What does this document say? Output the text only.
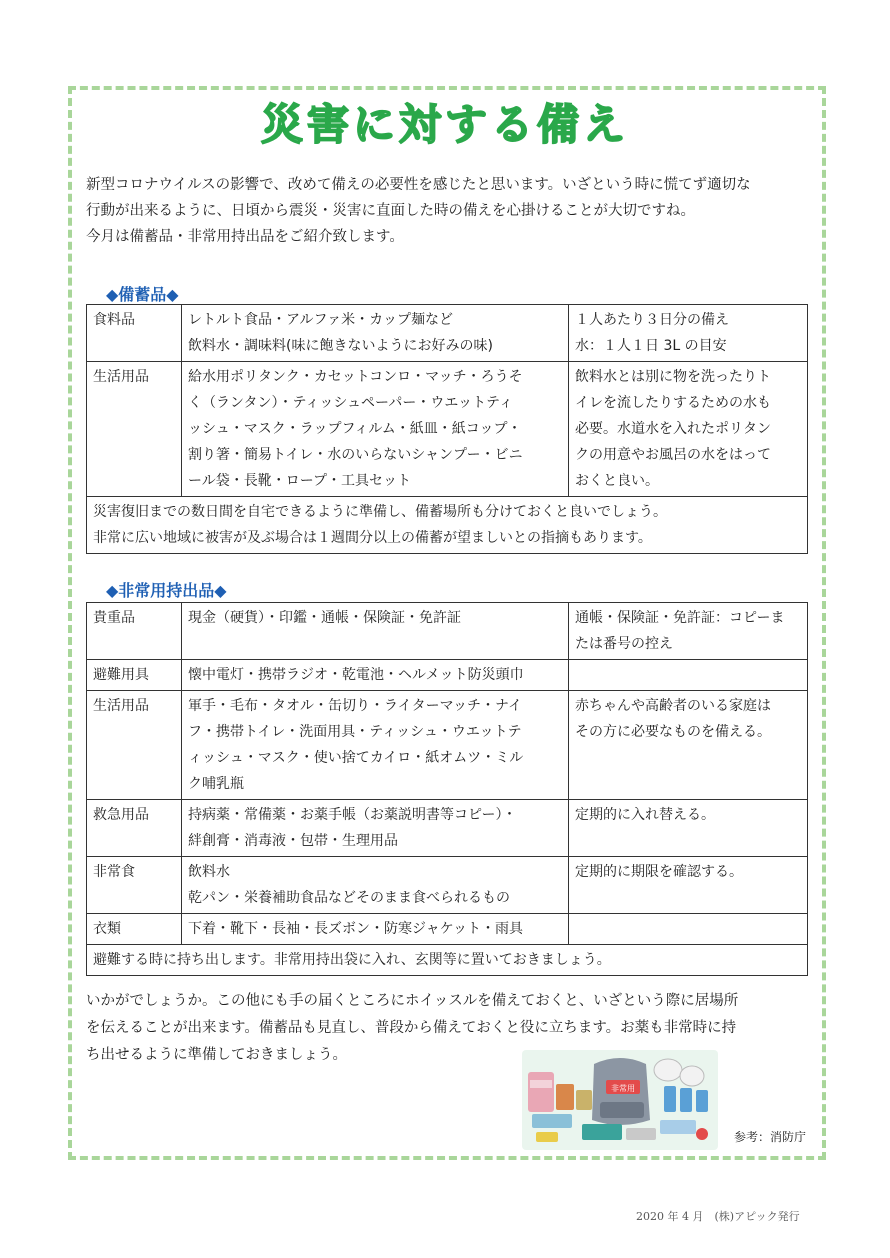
災害に対する備え

新型コロナウイルスの影響で、改めて備えの必要性を感じたと思います。いざという時に慌てず適切な

行動が出来るように、日頃から震災・災害に直面した時の備えを心掛けることが大切ですね。

今月は備蓄品・非常用持出品をご紹介致します。

◆備蓄品◆
食料品	レトルト食品・アルファ米・カップ麺など
飲料水・調味料(味に飽きないようにお好みの味)	１人あたり３日分の備え
水：１人１日 3L の目安

生活用品	給水用ポリタンク・カセットコンロ・マッチ・ろうそ
く（ランタン）・ティッシュペーパー・ウエットティ
ッシュ・マスク・ラップフィルム・紙皿・紙コップ・
割り箸・簡易トイレ・水のいらないシャンプー・ビニ
ール袋・長靴・ロープ・工具セット	飲料水とは別に物を洗ったりト
イレを流したりするための水も
必要。水道水を入れたポリタン
クの用意やお風呂の水をはって
おくと良い。

災害復旧までの数日間を自宅できるように準備し、備蓄場所も分けておくと良いでしょう。
非常に広い地域に被害が及ぶ場合は１週間分以上の備蓄が望ましいとの指摘もあります。		
◆非常用持出品◆
貴重品	現金（硬貨）・印鑑・通帳・保険証・免許証	通帳・保険証・免許証：コピーま
たは番号の控え

避難用具	懐中電灯・携帯ラジオ・乾電池・ヘルメット防災頭巾	

生活用品	軍手・毛布・タオル・缶切り・ライターマッチ・ナイ
フ・携帯トイレ・洗面用具・ティッシュ・ウエットテ
ィッシュ・マスク・使い捨てカイロ・紙オムツ・ミル
ク哺乳瓶	赤ちゃんや高齢者のいる家庭は
その方に必要なものを備える。

救急用品	持病薬・常備薬・お薬手帳（お薬説明書等コピー）・
絆創膏・消毒液・包帯・生理用品	定期的に入れ替える。

非常食	飲料水
乾パン・栄養補助食品などそのまま食べられるもの	定期的に期限を確認する。

衣類	下着・靴下・長袖・長ズボン・防寒ジャケット・雨具	

避難する時に持ち出します。非常用持出袋に入れ、玄関等に置いておきましょう。		

いかがでしょうか。この他にも手の届くところにホイッスルを備えておくと、いざという際に居場所

を伝えることが出来ます。備蓄品も見直し、普段から備えておくと役に立ちます。お薬も非常時に持

ち出せるように準備しておきましょう。

非常用
参考：消防庁
2020 年 4 月　(株)アピック発行
